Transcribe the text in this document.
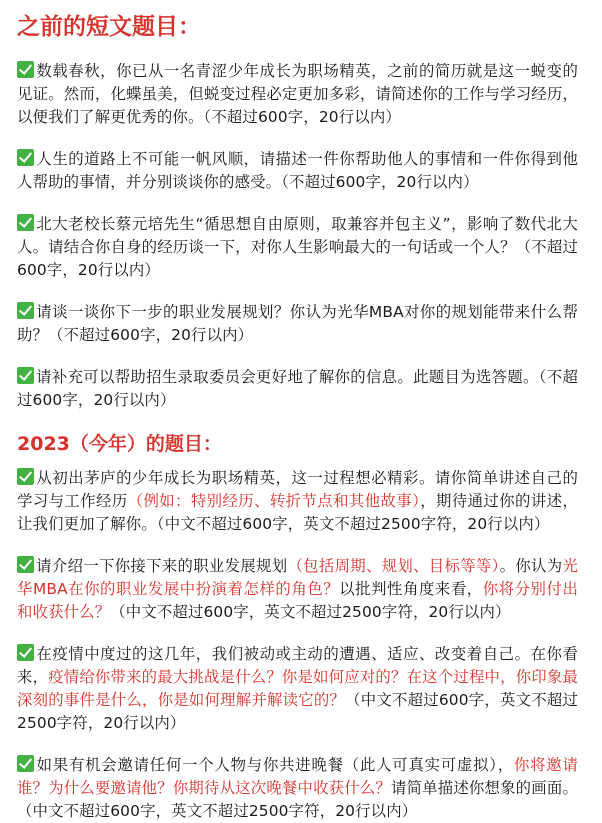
之前的短文题目：

数载春秋，你已从一名青涩少年成长为职场精英，之前的简历就是这一蜕变的见证。然而，化蝶虽美，但蜕变过程必定更加多彩，请简述你的工作与学习经历，以便我们了解更优秀的你。（不超过600字，20行以内）

人生的道路上不可能一帆风顺，请描述一件你帮助他人的事情和一件你得到他人帮助的事情，并分别谈谈你的感受。（不超过600字，20行以内）

北大老校长蔡元培先生“循思想自由原则，取兼容并包主义”，影响了数代北大人。请结合你自身的经历谈一下，对你人生影响最大的一句话或一个人？（不超过600字，20行以内）

请谈一谈你下一步的职业发展规划？你认为光华MBA对你的规划能带来什么帮助？（不超过600字，20行以内）

请补充可以帮助招生录取委员会更好地了解你的信息。此题目为选答题。（不超过600字，20行以内）

2023（今年）的题目：

从初出茅庐的少年成长为职场精英，这一过程想必精彩。请你简单讲述自己的学习与工作经历（例如：特别经历、转折节点和其他故事），期待通过你的讲述，让我们更加了解你。（中文不超过600字，英文不超过2500字符，20行以内）

请介绍一下你接下来的职业发展规划（包括周期、规划、目标等等）。你认为光华MBA在你的职业发展中扮演着怎样的角色？以批判性角度来看，你将分别付出和收获什么？（中文不超过600字，英文不超过2500字符，20行以内）

在疫情中度过的这几年，我们被动或主动的遭遇、适应、改变着自己。在你看来，疫情给你带来的最大挑战是什么？你是如何应对的？在这个过程中，你印象最深刻的事件是什么，你是如何理解并解读它的？（中文不超过600字，英文不超过2500字符，20行以内）

如果有机会邀请任何一个人物与你共进晚餐（此人可真实可虚拟），你将邀请谁？为什么要邀请他？你期待从这次晚餐中收获什么？请简单描述你想象的画面。（中文不超过600字，英文不超过2500字符，20行以内）
